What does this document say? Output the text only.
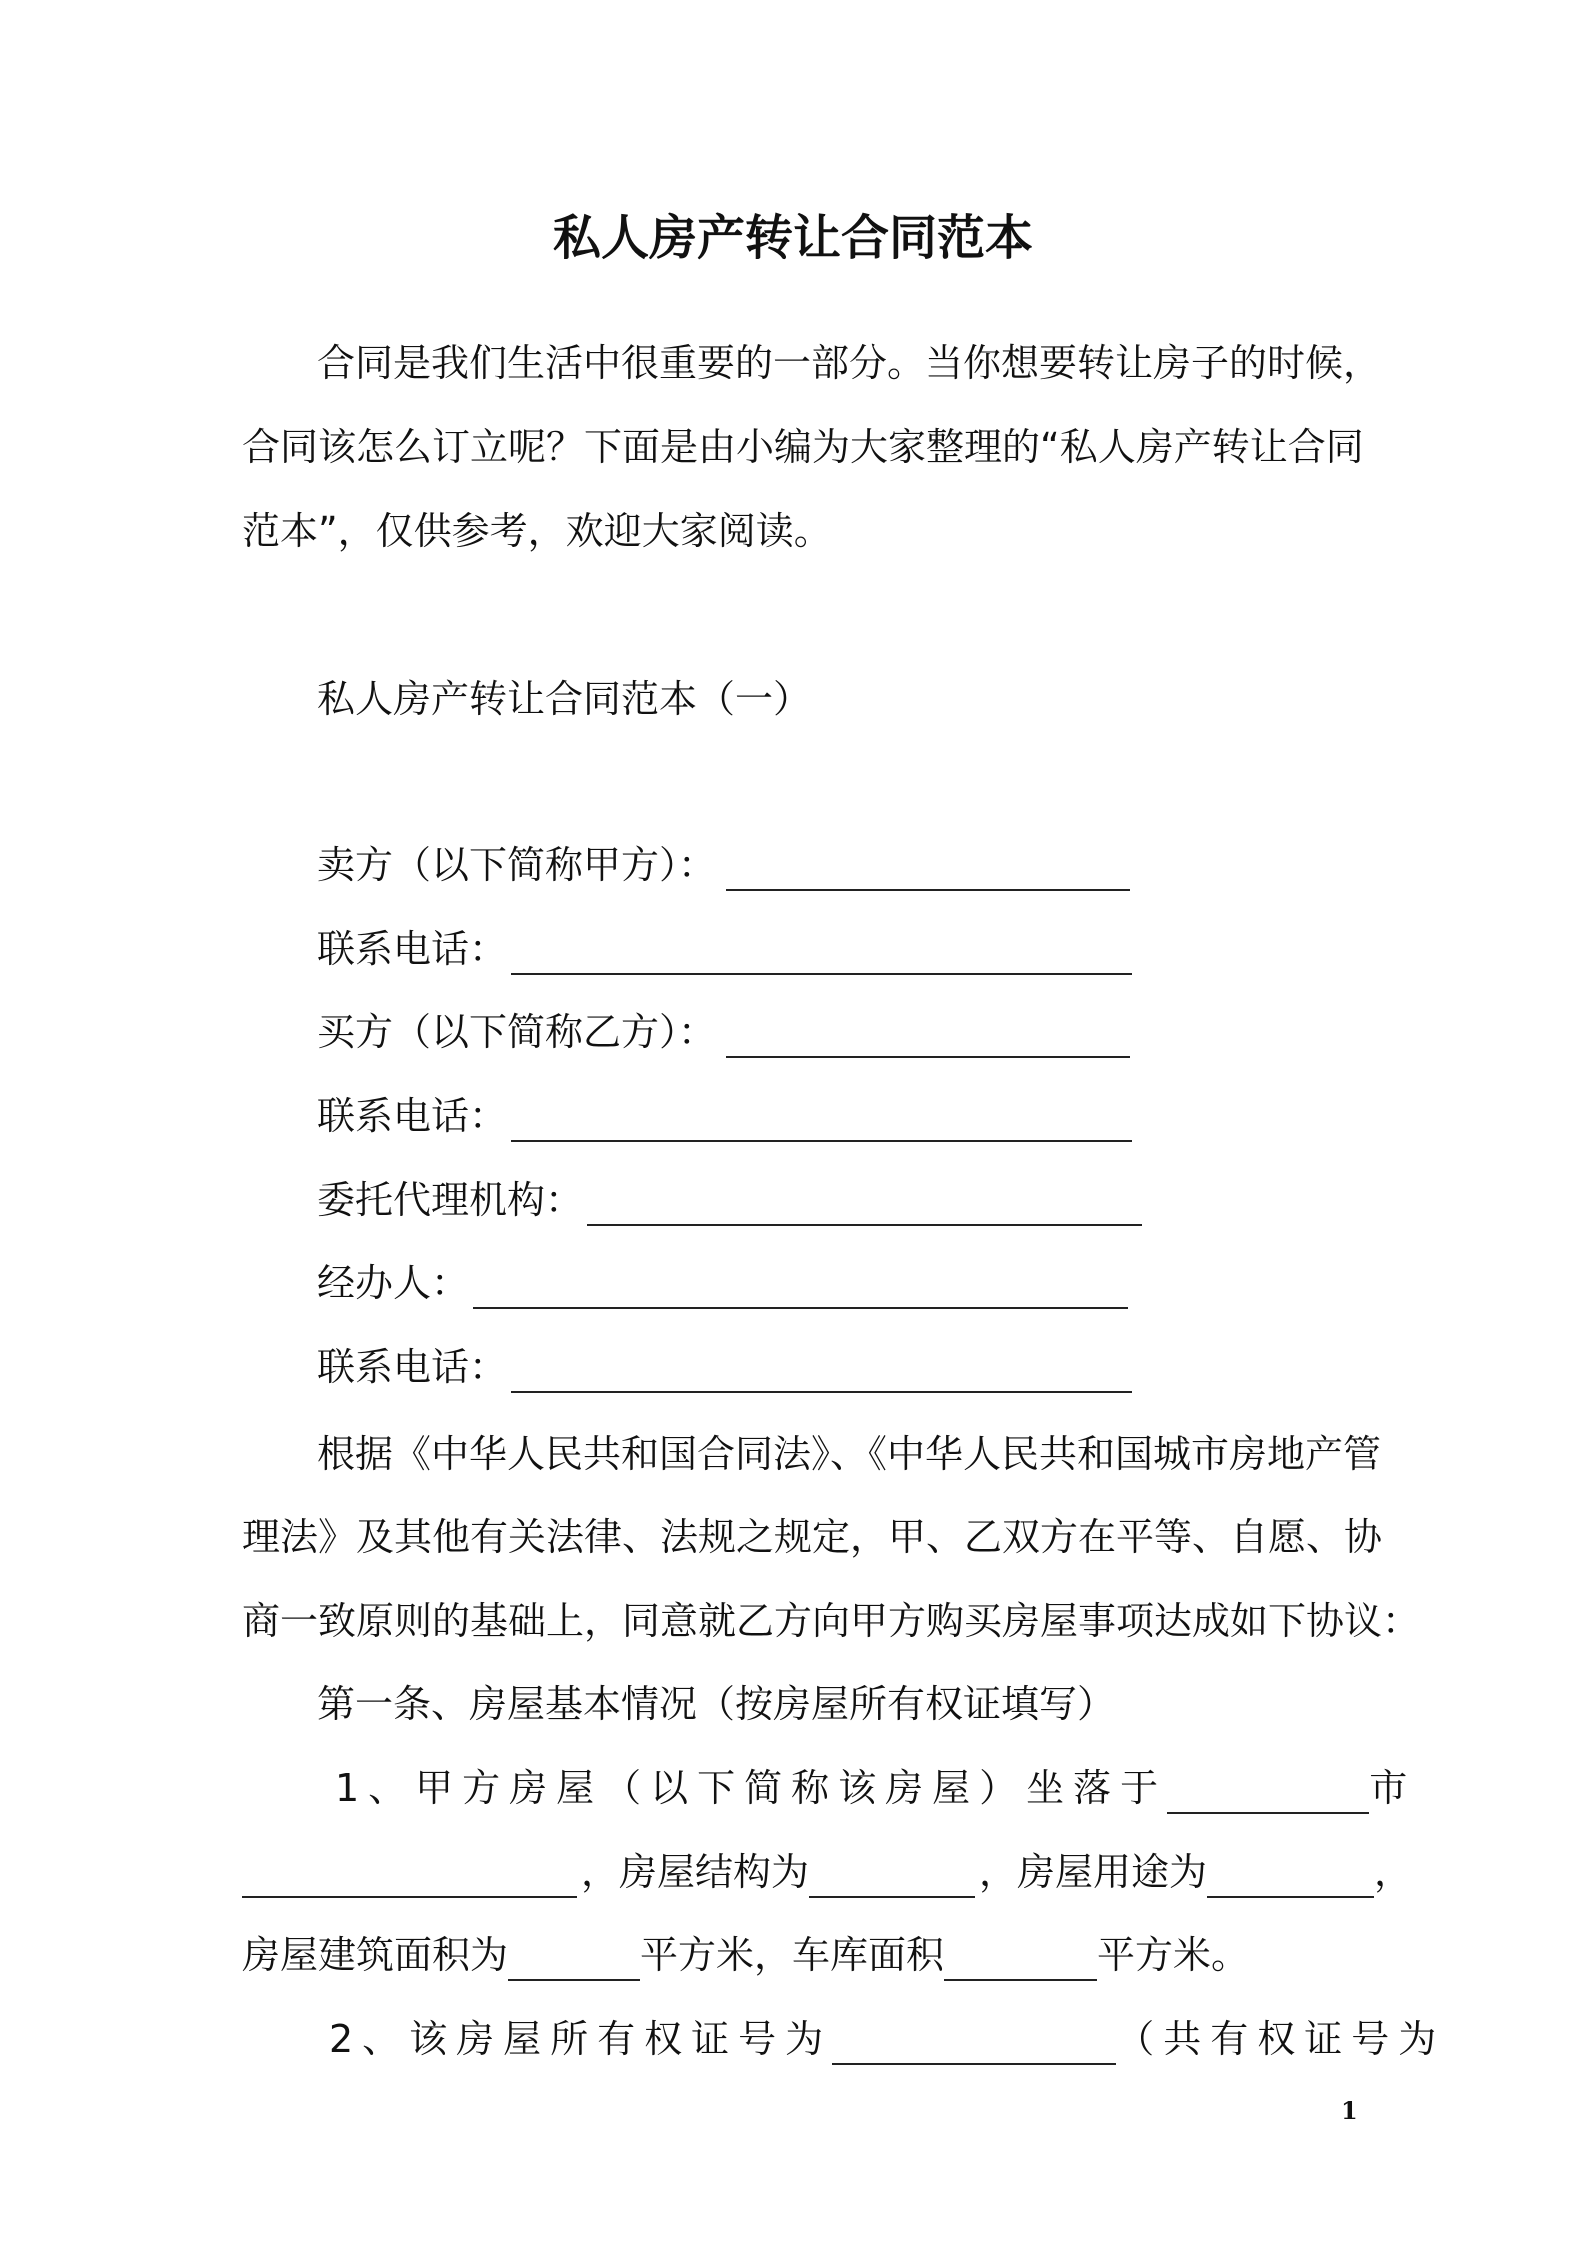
私人房产转让合同范本
合同是我们生活中很重要的一部分。当你想要转让房子的时候，
合同该怎么订立呢？下面是由小编为大家整理的“私人房产转让合同
范本”，仅供参考，欢迎大家阅读。
私人房产转让合同范本（一）
卖方（以下简称甲方）：
联系电话：
买方（以下简称乙方）：
联系电话：
委托代理机构：
经办人：
联系电话：
根据《中华人民共和国合同法》、《中华人民共和国城市房地产管
理法》及其他有关法律、法规之规定，甲、乙双方在平等、自愿、协
商一致原则的基础上，同意就乙方向甲方购买房屋事项达成如下协议：
第一条、房屋基本情况（按房屋所有权证填写）
1、甲方房屋（以下简称该房屋）坐落于	市
，房屋结构为	，房屋用途为	，
房屋建筑面积为	平方米，车库面积	平方米。
2、该房屋所有权证号为	（共有权证号为
1
